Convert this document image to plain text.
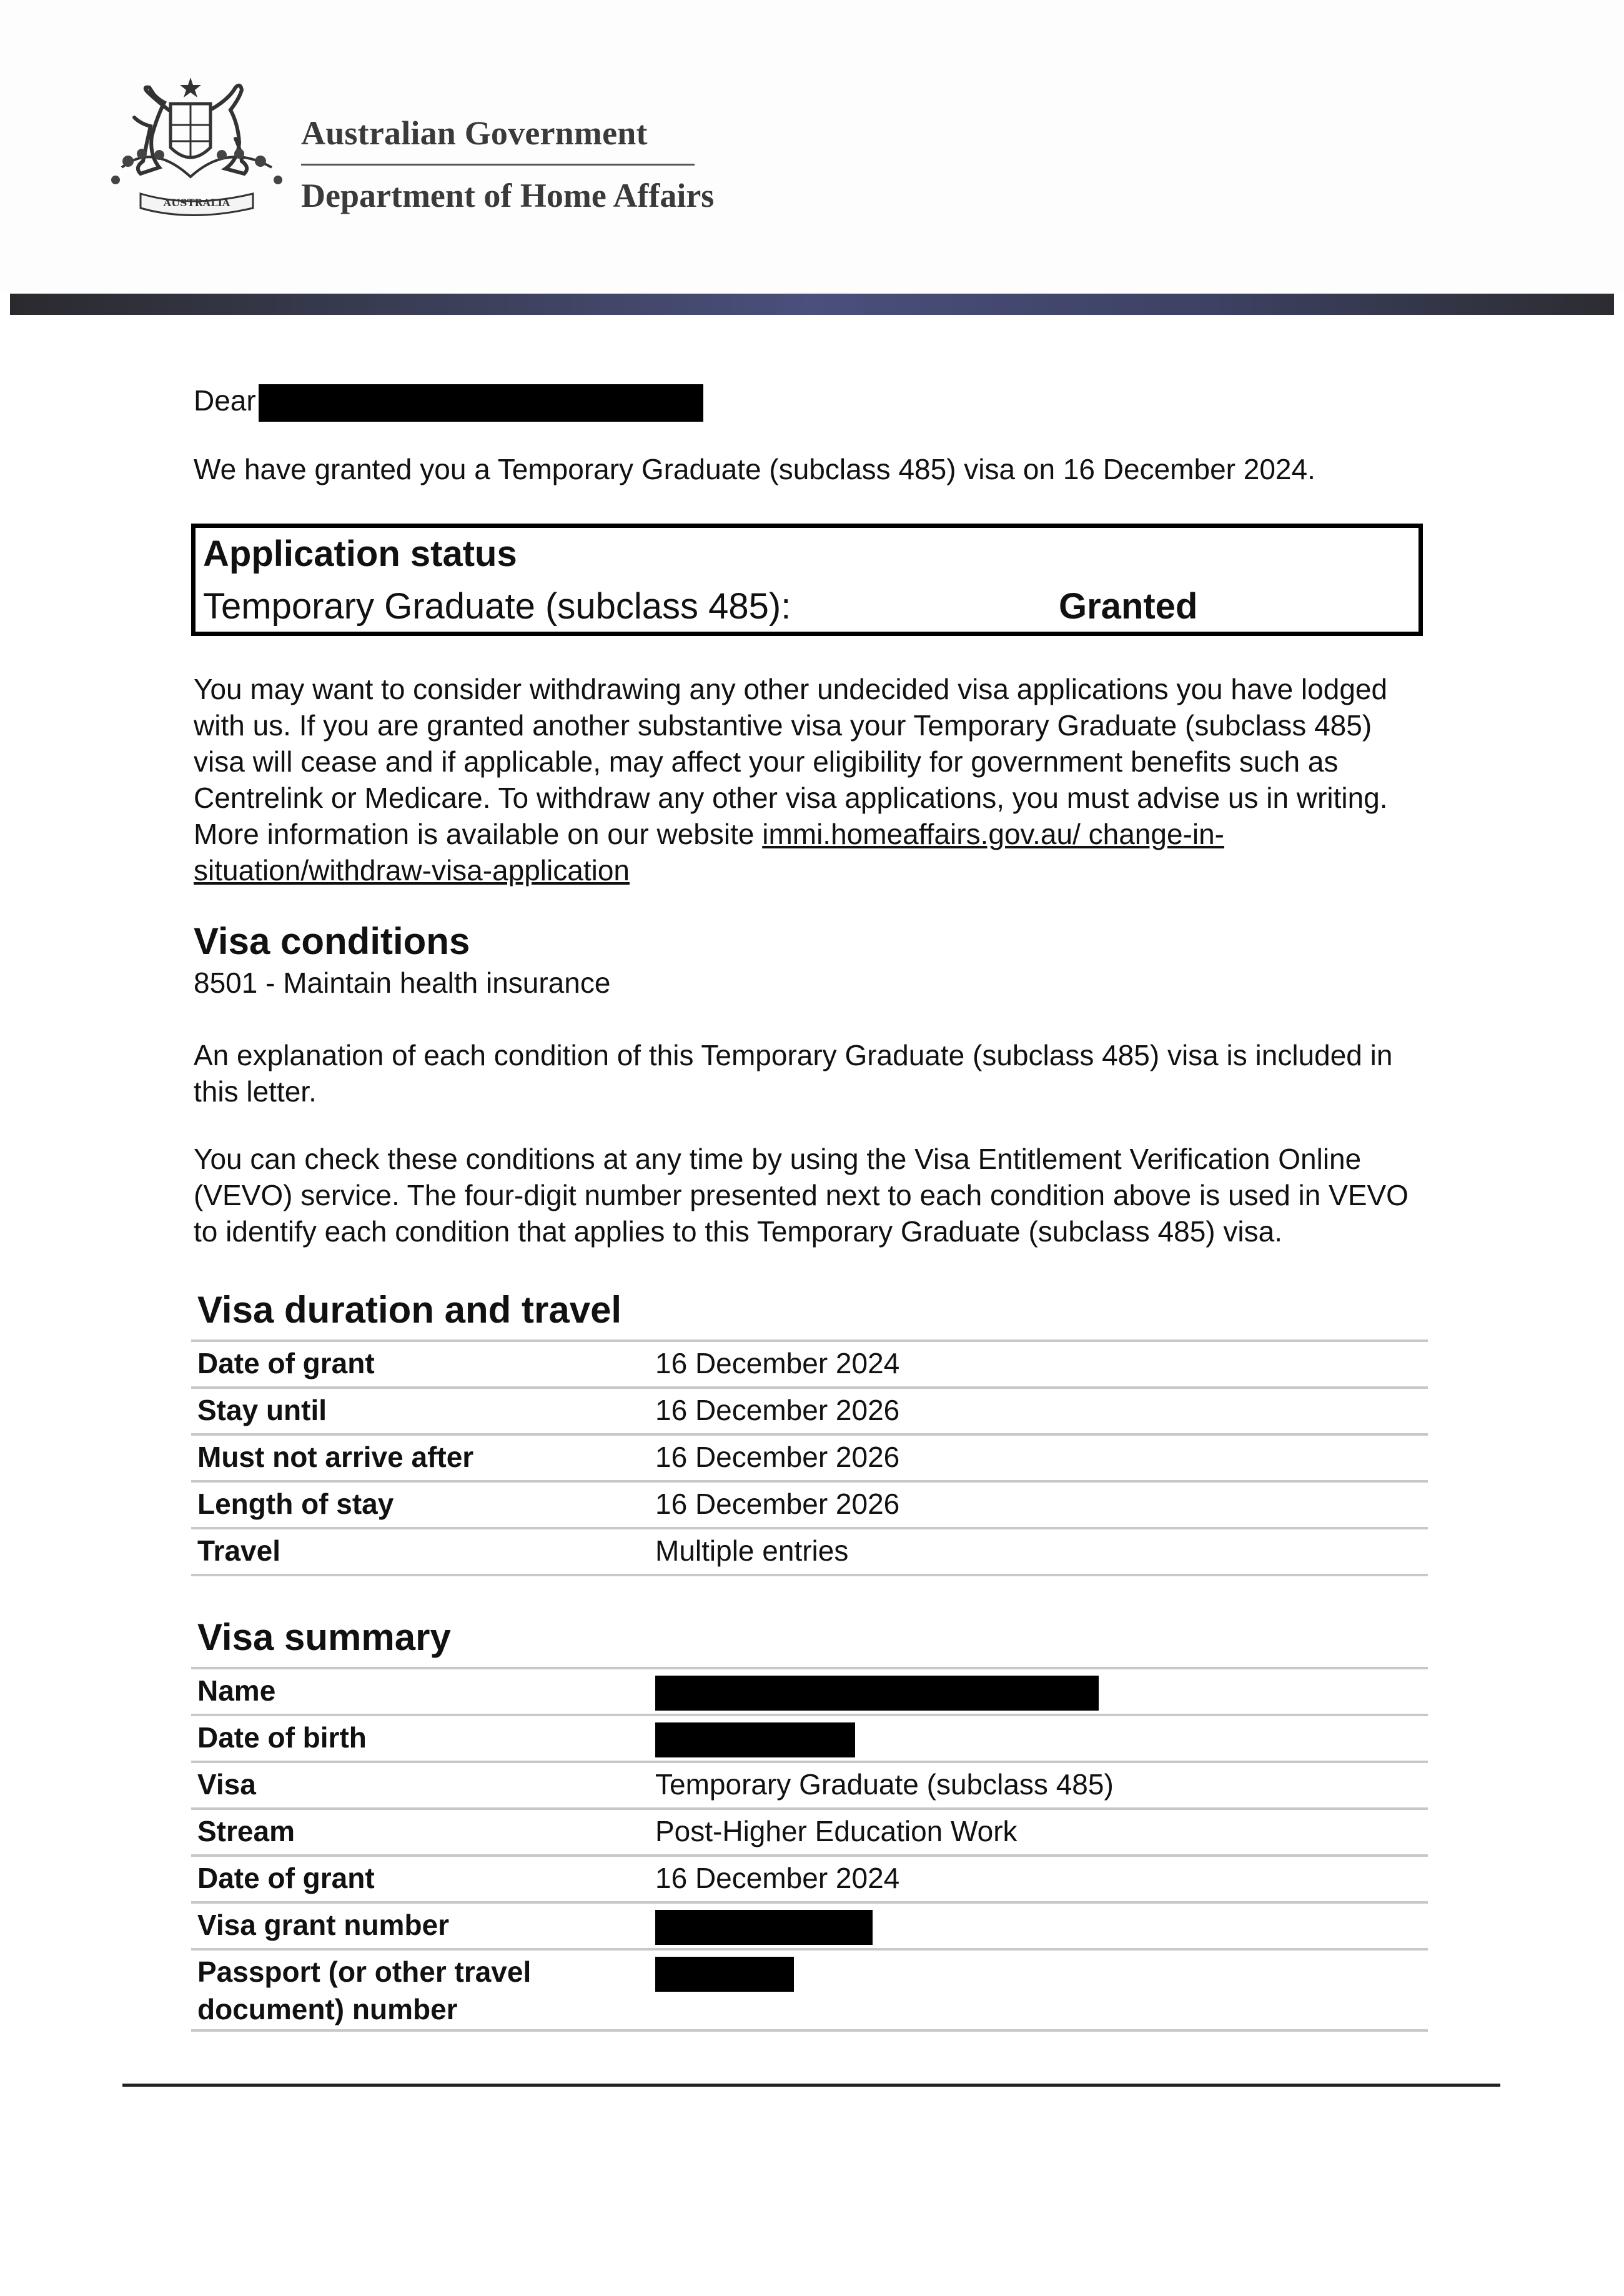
AUSTRALIA
Australian Government
Department of Home Affairs
Dear
We have granted you a Temporary Graduate (subclass 485) visa on 16 December 2024.
Application status
Temporary Graduate (subclass 485):	Granted
You may want to consider withdrawing any other undecided visa applications you have lodged with us. If you are granted another substantive visa your Temporary Graduate (subclass 485) visa will cease and if applicable, may affect your eligibility for government benefits such as Centrelink or Medicare. To withdraw any other visa applications, you must advise us in writing. More information is available on our website immi.homeaffairs.gov.au/ change-in-situation/withdraw-visa-application
Visa conditions
8501 - Maintain health insurance
An explanation of each condition of this Temporary Graduate (subclass 485) visa is included in this letter.
You can check these conditions at any time by using the Visa Entitlement Verification Online (VEVO) service. The four-digit number presented next to each condition above is used in VEVO to identify each condition that applies to this Temporary Graduate (subclass 485) visa.
Visa duration and travel
Date of grant	16 December 2024
Stay until	16 December 2026
Must not arrive after	16 December 2026
Length of stay	16 December 2026
Travel	Multiple entries
Visa summary
Name
Date of birth
Visa	Temporary Graduate (subclass 485)
Stream	Post-Higher Education Work
Date of grant	16 December 2024
Visa grant number
Passport (or other travel document) number
